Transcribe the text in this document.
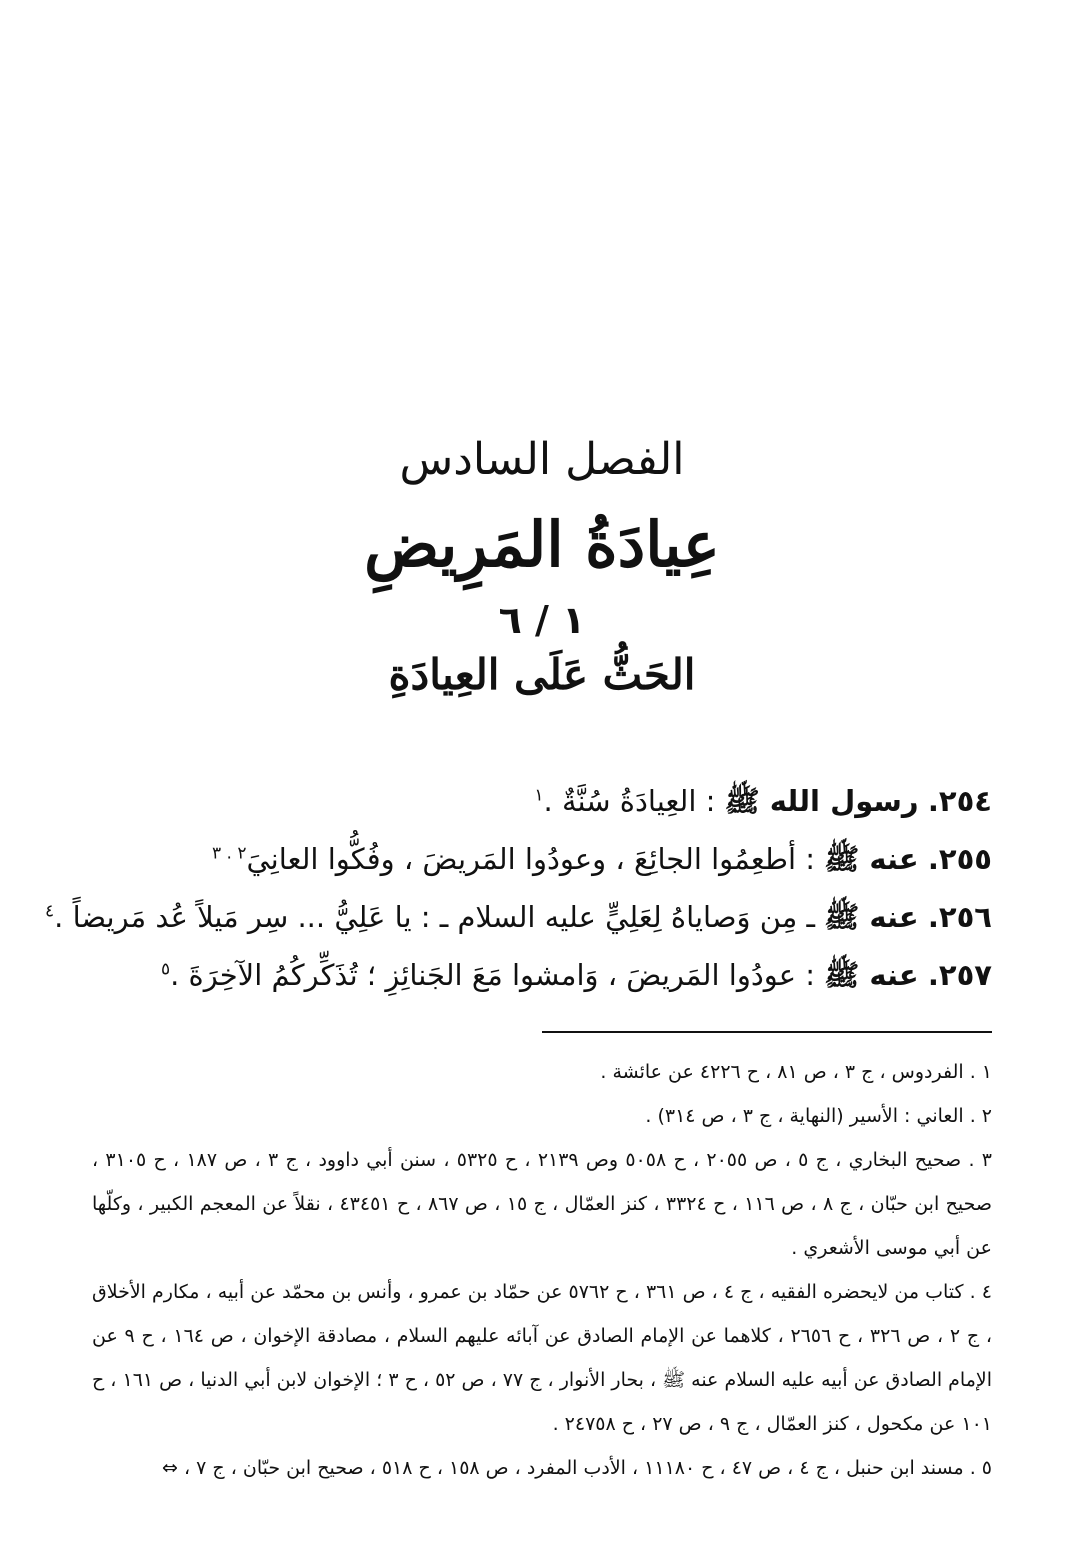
الفصل السادس
عِيادَةُ المَرِيضِ
١ / ٦
الحَثُّ عَلَى العِيادَةِ
٢٥٤. رسول الله ﷺ : العِيادَةُ سُنَّةٌ .$^١$
٢٥٥. عنه ﷺ : أطعِمُوا الجائِعَ ، وعودُوا المَريضَ ، وفُكُّوا العانِيَ$^{٢ . ٣}$
٢٥٦. عنه ﷺ ـ مِن وَصاياهُ لِعَلِيٍّ عليه السلام ـ : يا عَلِيُّ ... سِر مَيلاً عُد مَريضاً .$^٤$
٢٥٧. عنه ﷺ : عودُوا المَريضَ ، وَامشوا مَعَ الجَنائِزِ ؛ تُذَكِّركُمُ الآخِرَةَ .$^٥$
١ . الفردوس ، ج ٣ ، ص ٨١ ، ح ٤٢٢٦ عن عائشة .
٢ . العاني : الأسير (النهاية ، ج ٣ ، ص ٣١٤) .
٣ . صحيح البخاري ، ج ٥ ، ص ٢٠٥٥ ، ح ٥٠٥٨ وص ٢١٣٩ ، ح ٥٣٢٥ ، سنن أبي داوود ، ج ٣ ، ص ١٨٧ ، ح ٣١٠٥ ، صحيح ابن حبّان ، ج ٨ ، ص ١١٦ ، ح ٣٣٢٤ ، كنز العمّال ، ج ١٥ ، ص ٨٦٧ ، ح ٤٣٤٥١ ، نقلاً عن المعجم الكبير ، وكلّها عن أبي موسى الأشعري .
٤ . كتاب من لايحضره الفقيه ، ج ٤ ، ص ٣٦١ ، ح ٥٧٦٢ عن حمّاد بن عمرو ، وأنس بن محمّد عن أبيه ، مكارم الأخلاق ، ج ٢ ، ص ٣٢٦ ، ح ٢٦٥٦ ، كلاهما عن الإمام الصادق عن آبائه عليهم السلام ، مصادقة الإخوان ، ص ١٦٤ ، ح ٩ عن الإمام الصادق عن أبيه عليه السلام عنه ﷺ ، بحار الأنوار ، ج ٧٧ ، ص ٥٢ ، ح ٣ ؛ الإخوان لابن أبي الدنيا ، ص ١٦١ ، ح ١٠١ عن مكحول ، كنز العمّال ، ج ٩ ، ص ٢٧ ، ح ٢٤٧٥٨ .
٥ . مسند ابن حنبل ، ج ٤ ، ص ٤٧ ، ح ١١١٨٠ ، الأدب المفرد ، ص ١٥٨ ، ح ٥١٨ ، صحيح ابن حبّان ، ج ٧ ، ⇔
